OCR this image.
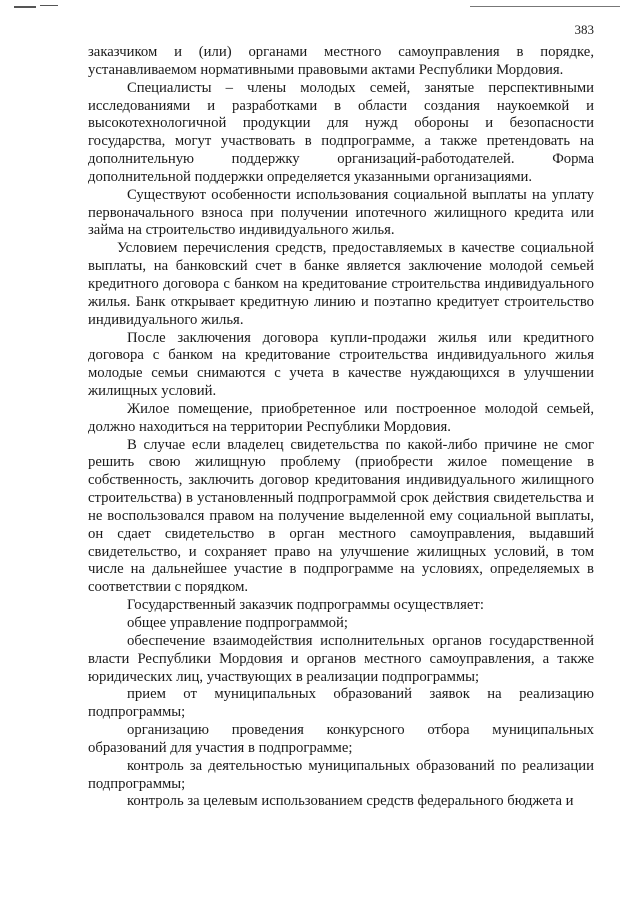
383

заказчиком и (или) органами местного самоуправления в порядке, устанавливаемом нормативными правовыми актами Республики Мордовия.

Специалисты – члены молодых семей, занятые перспективными исследованиями и разработками в области создания наукоемкой и высокотехнологичной продукции для нужд обороны и безопасности государства, могут участвовать в подпрограмме, а также претендовать на дополнительную поддержку организаций-работодателей. Форма дополнительной поддержки определяется указанными организациями.

Существуют особенности использования социальной выплаты на уплату первоначального взноса при получении ипотечного жилищного кредита или займа на строительство индивидуального жилья.

Условием перечисления средств, предоставляемых в качестве социальной выплаты, на банковский счет в банке является заключение молодой семьей кредитного договора с банком на кредитование строительства индивидуального жилья. Банк открывает кредитную линию и поэтапно кредитует строительство индивидуального жилья.

После заключения договора купли-продажи жилья или кредитного договора с банком на кредитование строительства индивидуального жилья молодые семьи снимаются с учета в качестве нуждающихся в улучшении жилищных условий.

Жилое помещение, приобретенное или построенное молодой семьей, должно находиться на территории Республики Мордовия.

В случае если владелец свидетельства по какой-либо причине не смог решить свою жилищную проблему (приобрести жилое помещение в собственность, заключить договор кредитования индивидуального жилищного строительства) в установленный подпрограммой срок действия свидетельства и не воспользовался правом на получение выделенной ему социальной выплаты, он сдает свидетельство в орган местного самоуправления, выдавший свидетельство, и сохраняет право на улучшение жилищных условий, в том числе на дальнейшее участие в подпрограмме на условиях, определяемых в соответствии с порядком.

Государственный заказчик подпрограммы осуществляет:

общее управление подпрограммой;

обеспечение взаимодействия исполнительных органов государственной власти Республики Мордовия и органов местного самоуправления, а также юридических лиц, участвующих в реализации подпрограммы;

прием от муниципальных образований заявок на реализацию подпрограммы;

организацию проведения конкурсного отбора муниципальных образований для участия в подпрограмме;

контроль за деятельностью муниципальных образований по реализации подпрограммы;

контроль за целевым использованием средств федерального бюджета и
